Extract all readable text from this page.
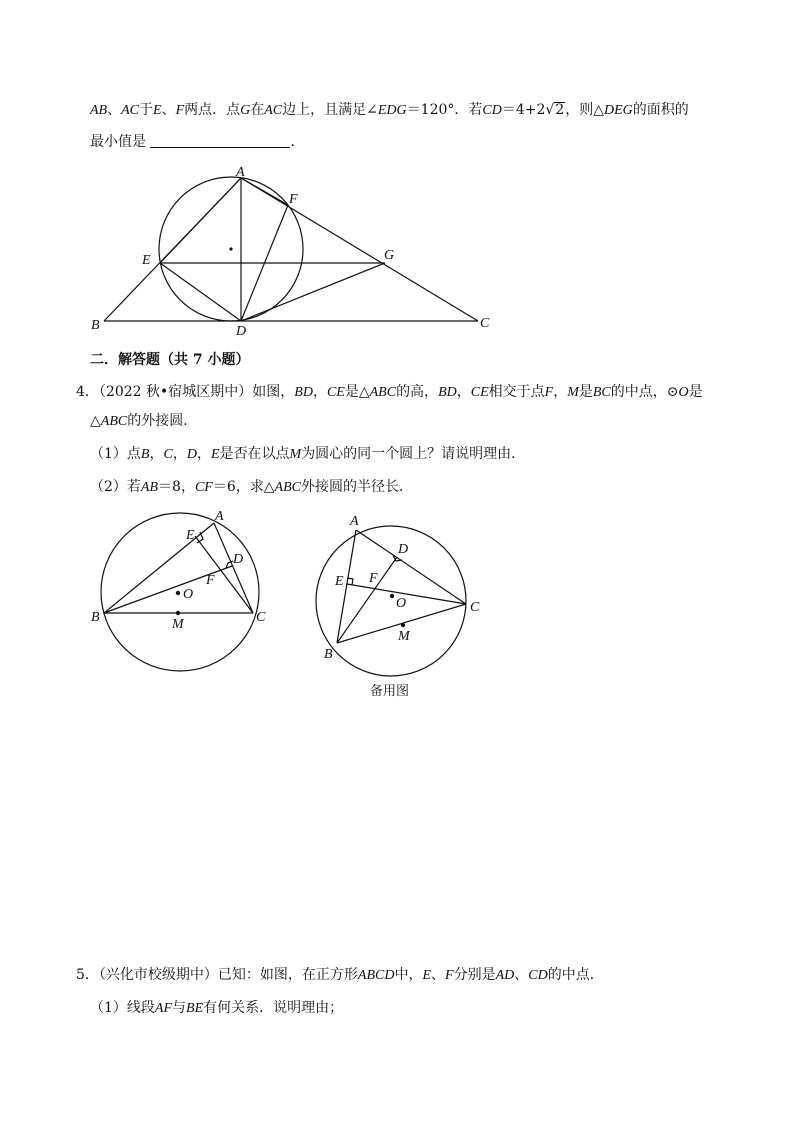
AB、AC于E、F两点．点G在AC边上，且满足∠EDG＝120°．若CD＝4+2√2，则△DEG的面积的
最小值是	．
A
B	C
D
E
F
G
二．解答题（共 7 小题）
4．（2022 秋•宿城区期中）如图，BD，CE是△ABC的高，BD，CE相交于点F，M是BC的中点，⊙O是
△ABC的外接圆．
（1）点B，C，D，E是否在以点M为圆心的同一个圆上？请说明理由．
（2）若AB＝8，CF＝6，求△ABC外接圆的半径长．
A
B	C
D
E
F
O
M
A
B
C
D
E F
O
M
备用图
5．（兴化市校级期中）已知：如图，在正方形ABCD中，E、F分别是AD、CD的中点．
（1）线段AF与BE有何关系．说明理由；
